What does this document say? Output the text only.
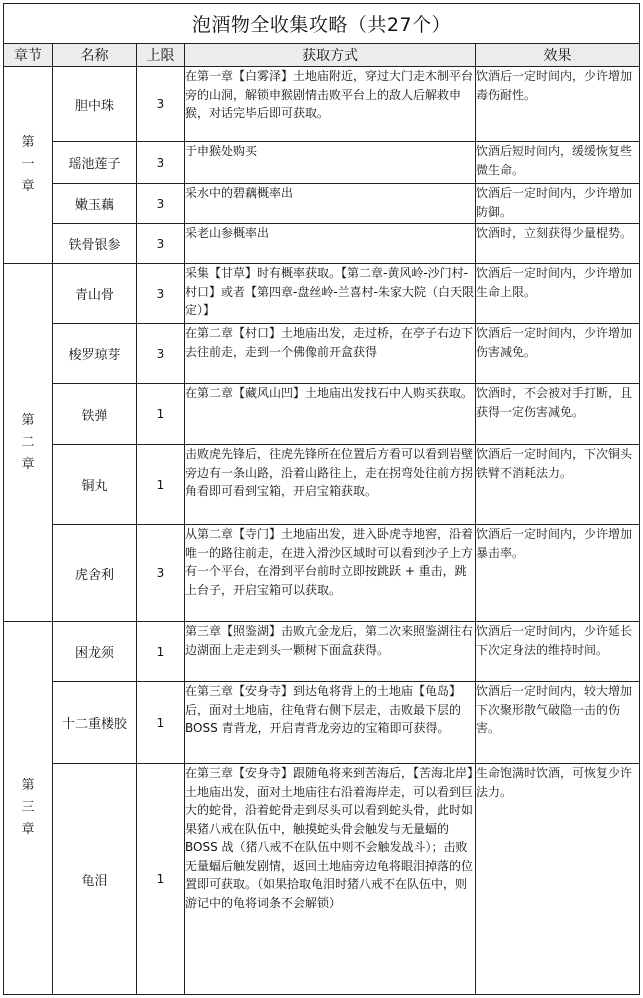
泡酒物全收集攻略（共27个）				
章节	名称	上限	获取方式	效果

第
一
章	胆中珠	3	在第一章【白雾泽】土地庙附近，穿过大门走木制平台旁的山洞，解锁申猴剧情击败平台上的敌人后解救申猴，对话完毕后即可获取。	饮酒后一定时间内，少许增加毒伤耐性。
	瑶池莲子	3	于申猴处购买	饮酒后短时间内，缓缓恢复些微生命。
	嫩玉藕	3	采水中的碧藕概率出	饮酒后一定时间内，少许增加防御。
	铁骨银参	3	采老山参概率出	饮酒时，立刻获得少量棍势。

第
二
章	青山骨	3	采集【甘草】时有概率获取。【第二章-黄风岭-沙门村-村口】或者【第四章-盘丝岭-兰喜村-朱家大院（白天限定）】	饮酒后一定时间内，少许增加生命上限。
	梭罗琼芽	3	在第二章【村口】土地庙出发，走过桥，在亭子右边下去往前走，走到一个佛像前开盒获得	饮酒后一定时间内，少许增加伤害减免。
	铁弹	1	在第二章【藏风山凹】土地庙出发找石中人购买获取。	饮酒时，不会被对手打断，且获得一定伤害减免。
	铜丸	1	击败虎先锋后，往虎先锋所在位置后方看可以看到岩壁旁边有一条山路，沿着山路往上，走在拐弯处往前方拐角看即可看到宝箱，开启宝箱获取。	饮酒后一定时间内，下次铜头铁臂不消耗法力。
	虎舍利	3	从第二章【寺门】土地庙出发，进入卧虎寺地窖，沿着唯一的路往前走，在进入滑沙区域时可以看到沙子上方有一个平台，在滑到平台前时立即按跳跃 + 重击，跳上台子，开启宝箱可以获取。	饮酒后一定时间内，少许增加暴击率。

第
三
章	困龙须	1	第三章【照鉴湖】击败亢金龙后，第二次来照鉴湖往右边湖面上走走到头一颗树下面盒获得。	饮酒后一定时间内，少许延长下次定身法的维持时间。
	十二重楼胶	1	在第三章【安身寺】到达龟将背上的土地庙【龟岛】后，面对土地庙，往龟背右侧下层走，击败最下层的 BOSS 青背龙，开启青背龙旁边的宝箱即可获得。	饮酒后一定时间内，较大增加下次聚形散气破隐一击的伤害。
	龟泪	1	在第三章【安身寺】跟随龟将来到苦海后，【苦海北岸】土地庙出发，面对土地庙往右沿着海岸走，可以看到巨大的蛇骨，沿着蛇骨走到尽头可以看到蛇头骨，此时如果猪八戒在队伍中，触摸蛇头骨会触发与无量蝠的 BOSS 战（猪八戒不在队伍中则不会触发战斗）；击败无量蝠后触发剧情，返回土地庙旁边龟将眼泪掉落的位置即可获取。（如果拾取龟泪时猪八戒不在队伍中，则游记中的龟将词条不会解锁）	生命饱满时饮酒，可恢复少许法力。
